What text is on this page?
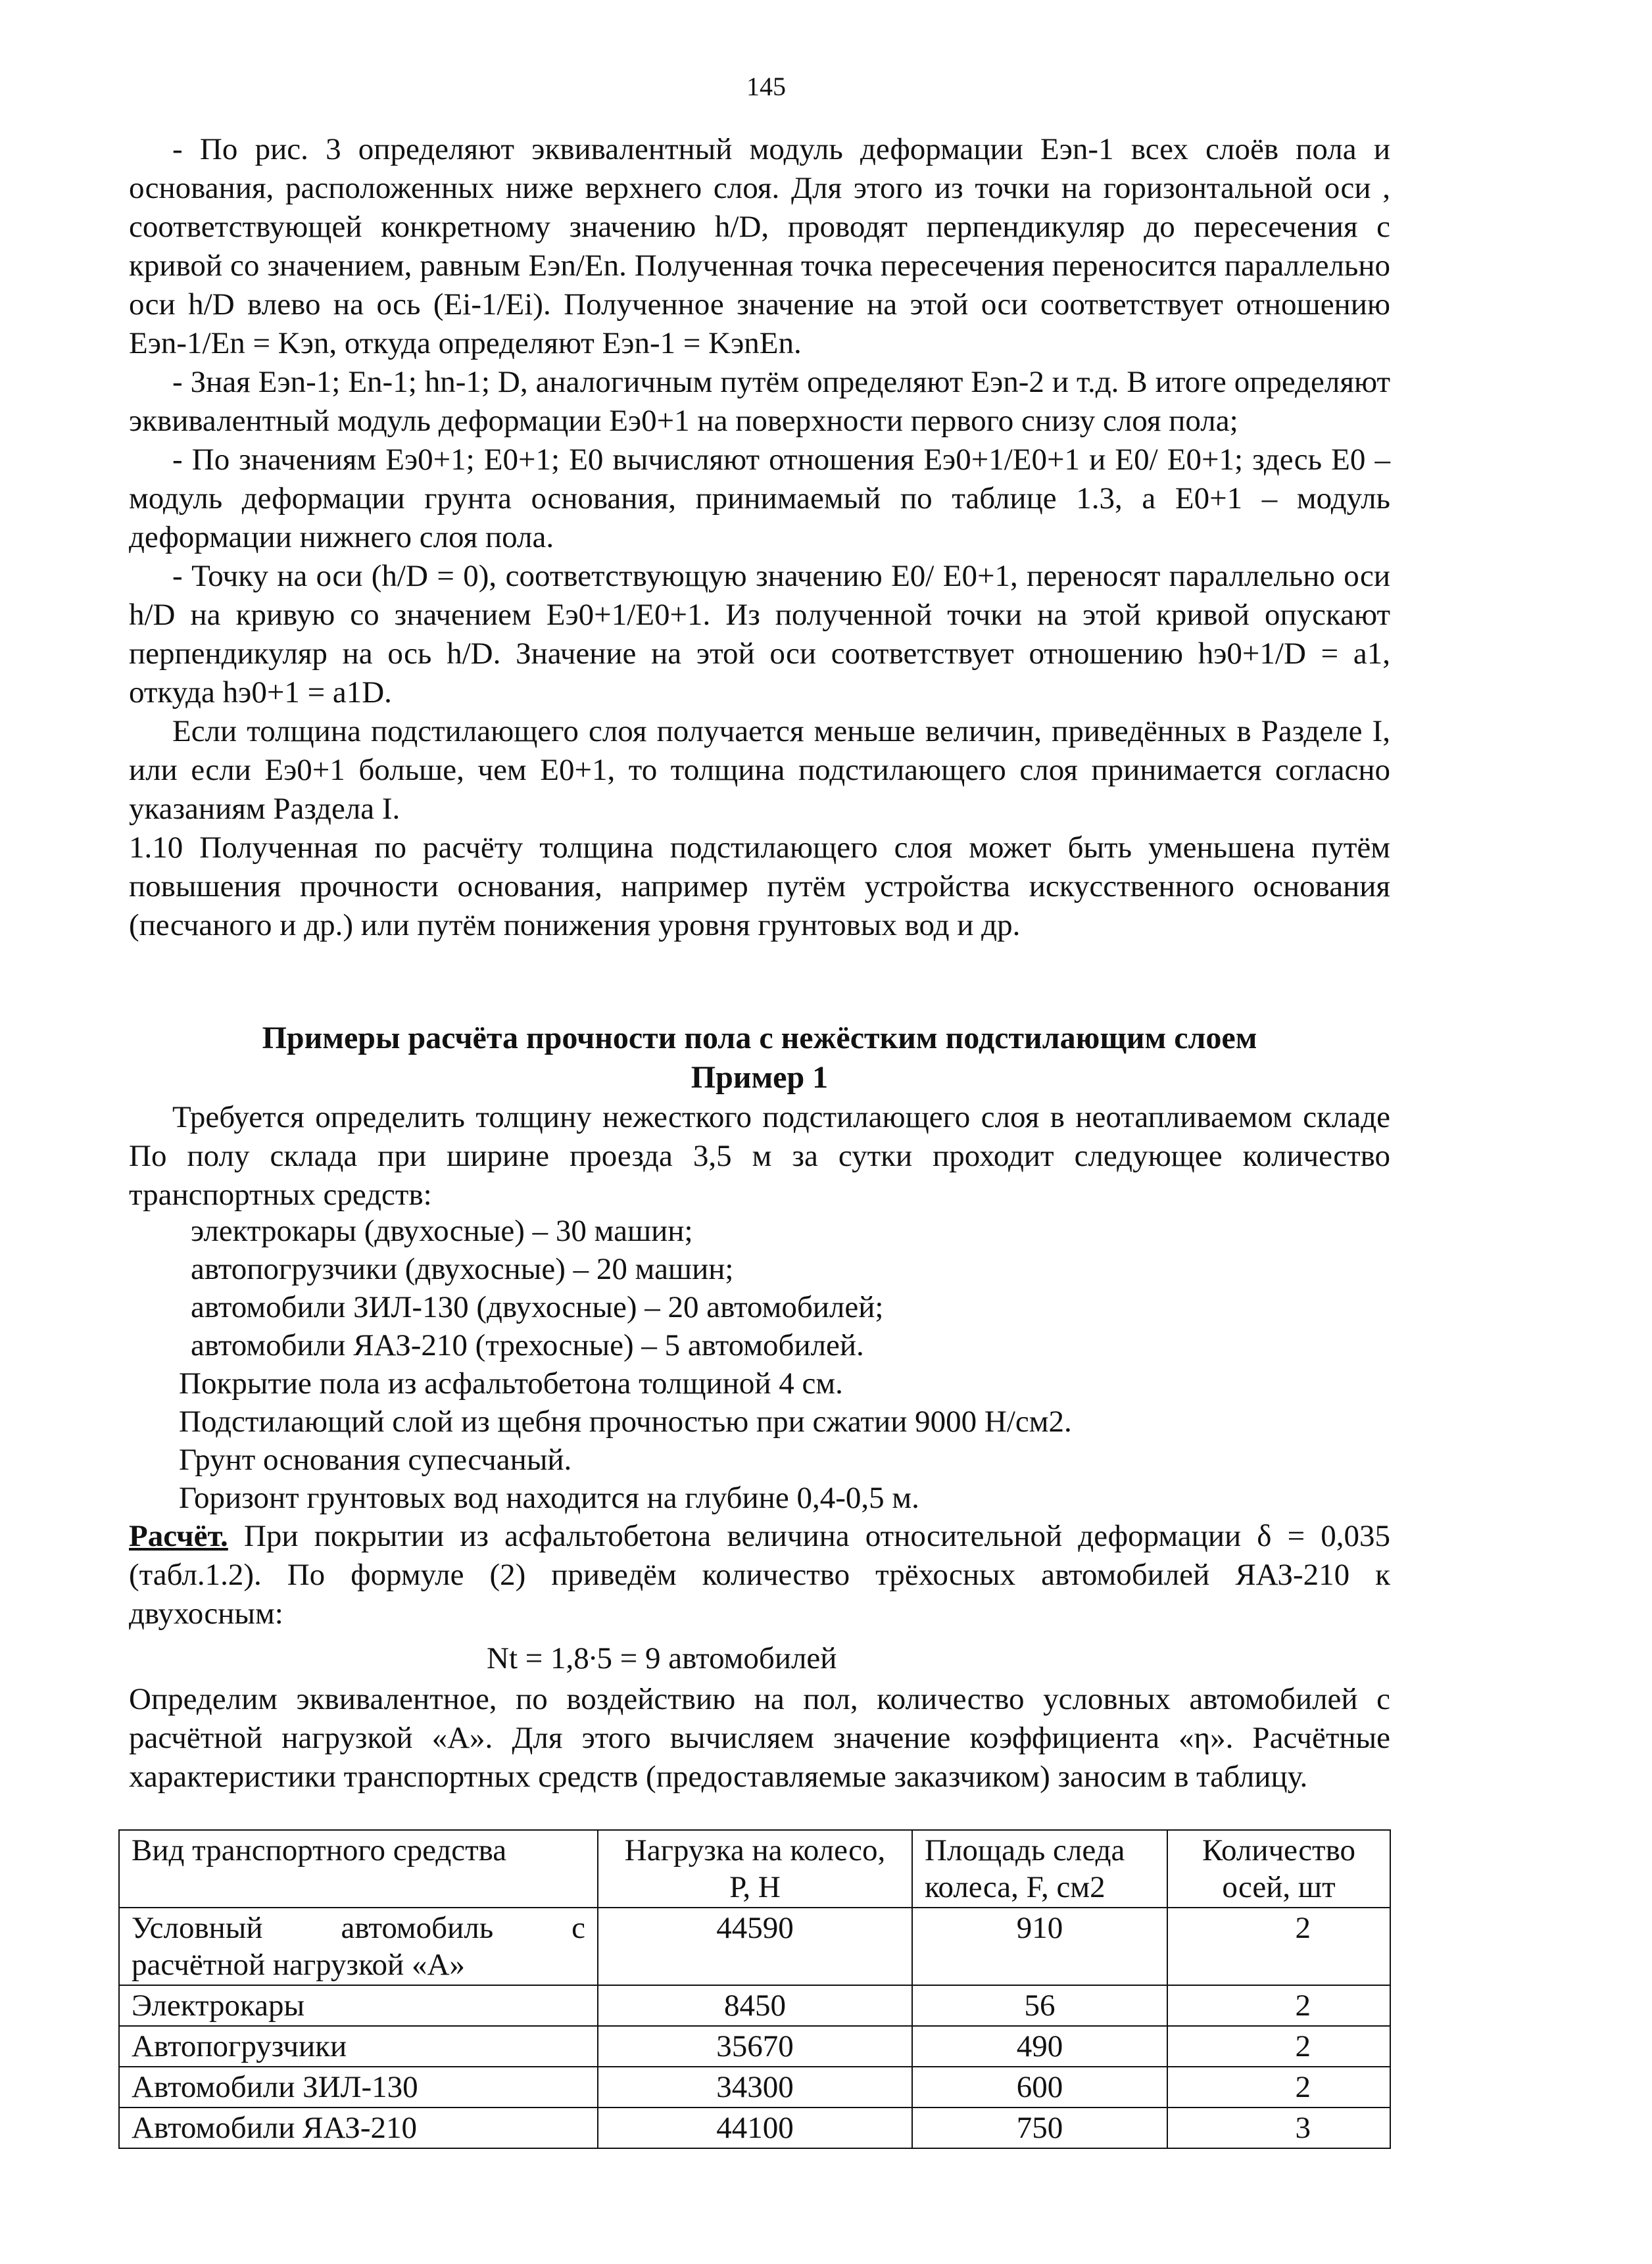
145

- По рис. 3 определяют эквивалентный модуль деформации Eэn-1 всех слоёв пола и основания, расположенных ниже верхнего слоя. Для этого из точки на горизонтальной оси , соответствующей конкретному значению h/D, проводят перпендикуляр до пересечения с кривой со значением, равным Eэn/En. Полученная точка пересечения переносится параллельно оси h/D влево на ось (Ei-1/Ei). Полученное значение на этой оси соответствует отношению Eэn-1/En = Kэn, откуда определяют Eэn-1 = KэnEn.

- Зная Eэn-1; En-1; hn-1; D, аналогичным путём определяют Eэn-2 и т.д. В итоге определяют эквивалентный модуль деформации Eэ0+1 на поверхности первого снизу слоя пола;

- По значениям Eэ0+1; E0+1; E0 вычисляют отношения Eэ0+1/E0+1 и E0/ E0+1; здесь E0 – модуль деформации грунта основания, принимаемый по таблице 1.3, а E0+1 – модуль деформации нижнего слоя пола.

- Точку на оси (h/D = 0), соответствующую значению E0/ E0+1, переносят параллельно оси h/D на кривую со значением Eэ0+1/E0+1. Из полученной точки на этой кривой опускают перпендикуляр на ось h/D. Значение на этой оси соответствует отношению hэ0+1/D = a1, откуда hэ0+1 = a1D.

Если толщина подстилающего слоя получается меньше величин, приведённых в Разделе I, или если Eэ0+1 больше, чем E0+1, то толщина подстилающего слоя принимается согласно указаниям Раздела I.

1.10 Полученная по расчёту толщина подстилающего слоя может быть уменьшена путём повышения прочности основания, например путём устройства искусственного основания (песчаного и др.) или путём понижения уровня грунтовых вод и др.

Примеры расчёта прочности пола с нежёстким подстилающим слоем
Пример 1

Требуется определить толщину нежесткого подстилающего слоя в неотапливаемом складе По полу склада при ширине проезда 3,5 м за сутки проходит следующее количество транспортных средств:

электрокары (двухосные) – 30 машин;
автопогрузчики (двухосные) – 20 машин;
автомобили ЗИЛ-130 (двухосные) – 20 автомобилей;
автомобили ЯАЗ-210 (трехосные) – 5 автомобилей.
Покрытие пола из асфальтобетона толщиной 4 см.
Подстилающий слой из щебня прочностью при сжатии 9000 Н/см2.
Грунт основания супесчаный.
Горизонт грунтовых вод находится на глубине 0,4-0,5 м.

Расчёт. При покрытии из асфальтобетона величина относительной деформации δ = 0,035 (табл.1.2). По формуле (2) приведём количество трёхосных автомобилей ЯАЗ-210 к двухосным:

Nt = 1,8∙5 = 9 автомобилей

Определим эквивалентное, по воздействию на пол, количество условных автомобилей с расчётной нагрузкой «А». Для этого вычисляем значение коэффициента «η». Расчётные характеристики транспортных средств (предоставляемые заказчиком) заносим в таблицу.

Вид транспортного средства	Нагрузка на колесо, Р, Н	Площадь следа колеса, F, см2	Количество осей, шт
Условный автомобиль с расчётной нагрузкой «А»	44590	910	2
Электрокары	8450	56	2
Автопогрузчики	35670	490	2
Автомобили ЗИЛ-130	34300	600	2
Автомобили ЯАЗ-210	44100	750	3
